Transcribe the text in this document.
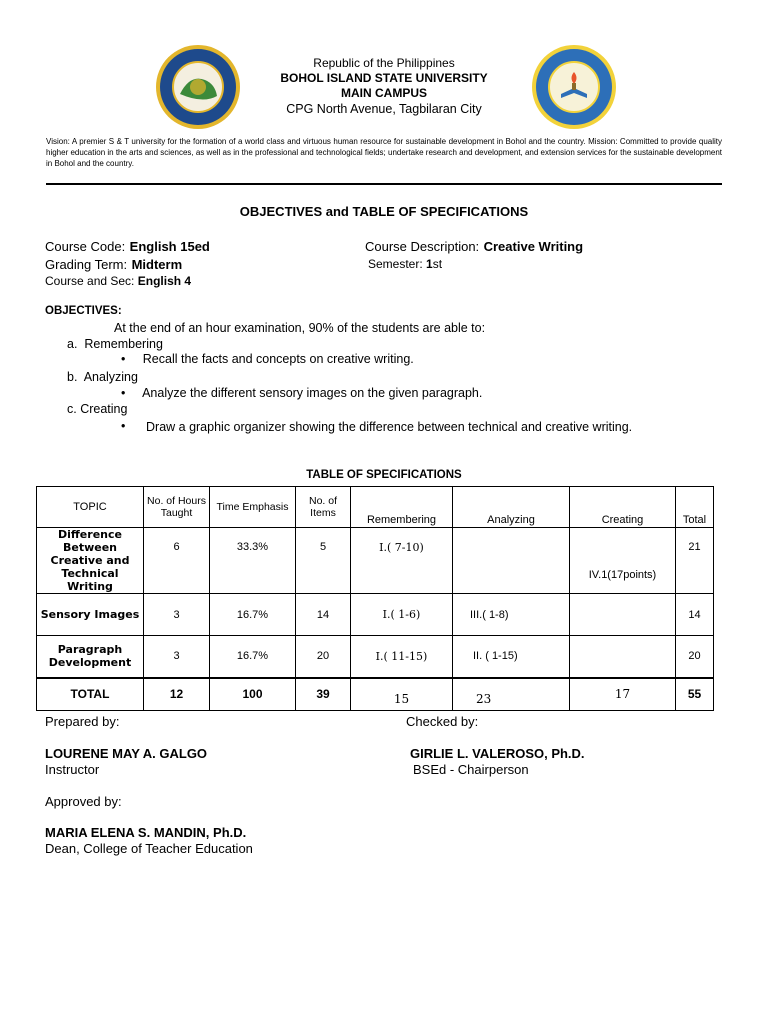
Republic of the Philippines
BOHOL ISLAND STATE UNIVERSITY
MAIN CAMPUS
CPG North Avenue, Tagbilaran City
Vision: A premier S & T university for the formation of a world class and virtuous human resource for sustainable development in Bohol and the country. Mission: Committed to provide quality higher education in the arts and sciences, as well as in the professional and technological fields; undertake research and development, and extension services for the sustainable development in Bohol and the country.
OBJECTIVES and TABLE OF SPECIFICATIONS
Course Code: English 15ed	Course Description: Creative Writing
Grading Term: Midterm	Semester: 1st
Course and Sec: English 4
OBJECTIVES:
At the end of an hour examination, 90% of the students are able to:
a. Remembering
• Recall the facts and concepts on creative writing.
b. Analyzing
• Analyze the different sensory images on the given paragraph.
c. Creating
• Draw a graphic organizer showing the difference between technical and creative writing.
TABLE OF SPECIFICATIONS
TOPIC	No. of Hours Taught	Time Emphasis	No. of Items	Remembering	Analyzing	Creating	Total
Difference Between Creative and Technical Writing	6	33.3%	5	I.( 7-10)		IV.1(17points)	21
Sensory Images	3	16.7%	14	I.( 1-6)	III.( 1-8)		14
Paragraph Development	3	16.7%	20	I.( 11-15)	II. ( 1-15)		20
TOTAL	12	100	39	15	23	17	55
Prepared by:	Checked by:
LOURENE MAY A. GALGO	GIRLIE L. VALEROSO, Ph.D.
Instructor	BSEd - Chairperson
Approved by:
MARIA ELENA S. MANDIN, Ph.D.
Dean, College of Teacher Education
